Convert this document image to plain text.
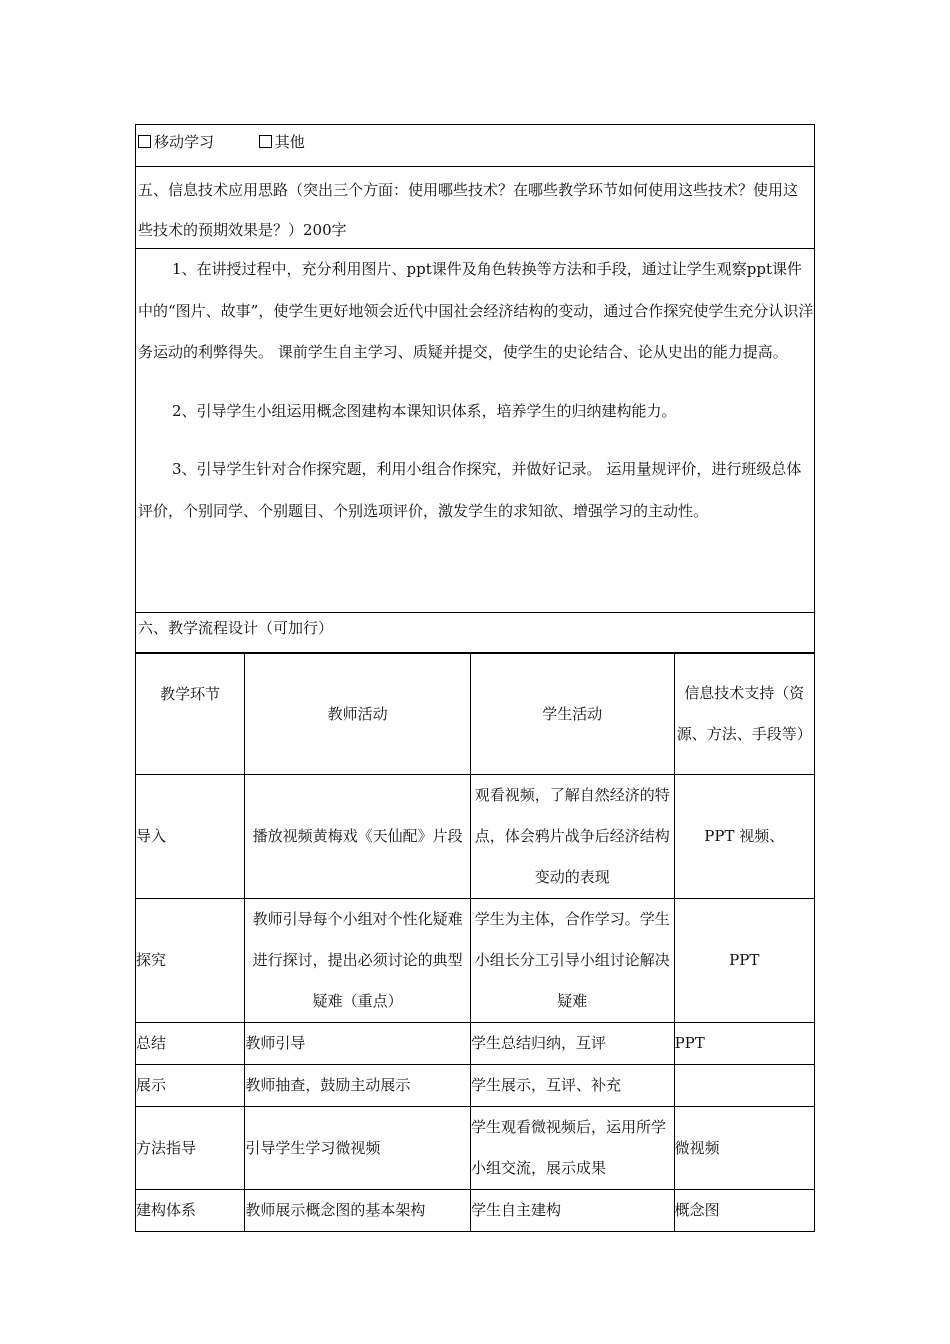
移动学习	其他
五、信息技术应用思路（突出三个方面：使用哪些技术？在哪些教学环节如何使用这些技术？使用这些技术的预期效果是？）200字

1、在讲授过程中，充分利用图片、ppt课件及角色转换等方法和手段，通过让学生观察ppt课件中的“图片、故事”，使学生更好地领会近代中国社会经济结构的变动，通过合作探究使学生充分认识洋务运动的利弊得失。 课前学生自主学习、质疑并提交，使学生的史论结合、论从史出的能力提高。

2、引导学生小组运用概念图建构本课知识体系，培养学生的归纳建构能力。

3、引导学生针对合作探究题，利用小组合作探究，并做好记录。 运用量规评价，进行班级总体评价，个别同学、个别题目、个别选项评价，激发学生的求知欲、增强学习的主动性。

六、教学流程设计（可加行）
教学环节	教师活动	学生活动	信息技术支持（资源、方法、手段等）
导入	播放视频黄梅戏《天仙配》片段	观看视频，了解自然经济的特点，体会鸦片战争后经济结构变动的表现	PPT 视频、
探究	教师引导每个小组对个性化疑难进行探讨，提出必须讨论的典型疑难（重点）	学生为主体，合作学习。学生小组长分工引导小组讨论解决疑难	PPT
总结	教师引导	学生总结归纳，互评	PPT
展示	教师抽查，鼓励主动展示	学生展示，互评、补充	
方法指导	引导学生学习微视频	学生观看微视频后，运用所学小组交流，展示成果	微视频
建构体系	教师展示概念图的基本架构	学生自主建构	概念图
